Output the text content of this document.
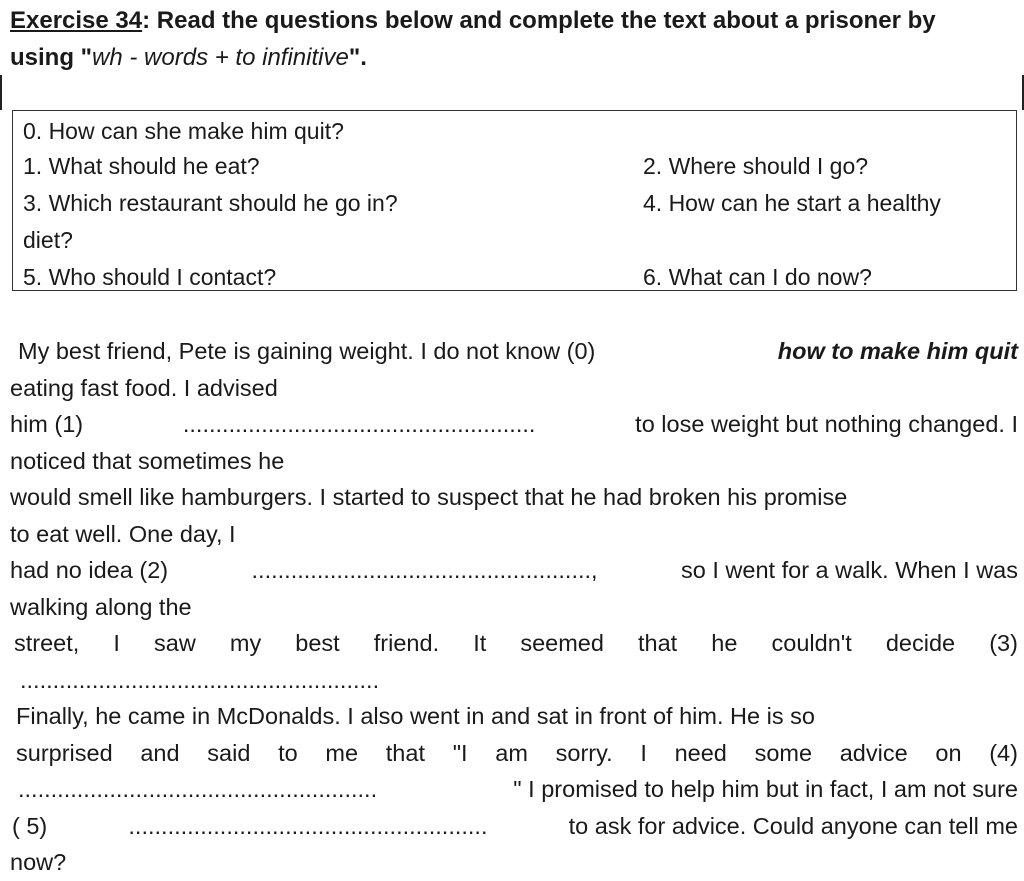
Exercise 34: Read the questions below and complete the text about a prisoner by
using "wh - words + to infinitive".
0. How can she make him quit?
1. What should he eat?	2. Where should I go?
3. Which restaurant should he go in?	4. How can he start a healthy
diet?
5. Who should I contact?	6. What can I do now?
My best friend, Pete is gaining weight. I do not know (0)	how to make him quit
eating fast food. I advised
him (1)	......................................................	to lose weight but nothing changed. I
noticed that sometimes he
would smell like hamburgers. I started to suspect that he had broken his promise
to eat well. One day, I
had no idea (2)	....................................................,	so I went for a walk. When I was
walking along the
street, I saw my best friend. It seemed that he couldn't decide (3)
.......................................................
Finally, he came in McDonalds. I also went in and sat in front of him. He is so
surprised and said to me that "I am sorry. I need some advice on (4)
.......................................................	" I promised to help him but in fact, I am not sure
( 5)	.......................................................	to ask for advice. Could anyone can tell me
now?
